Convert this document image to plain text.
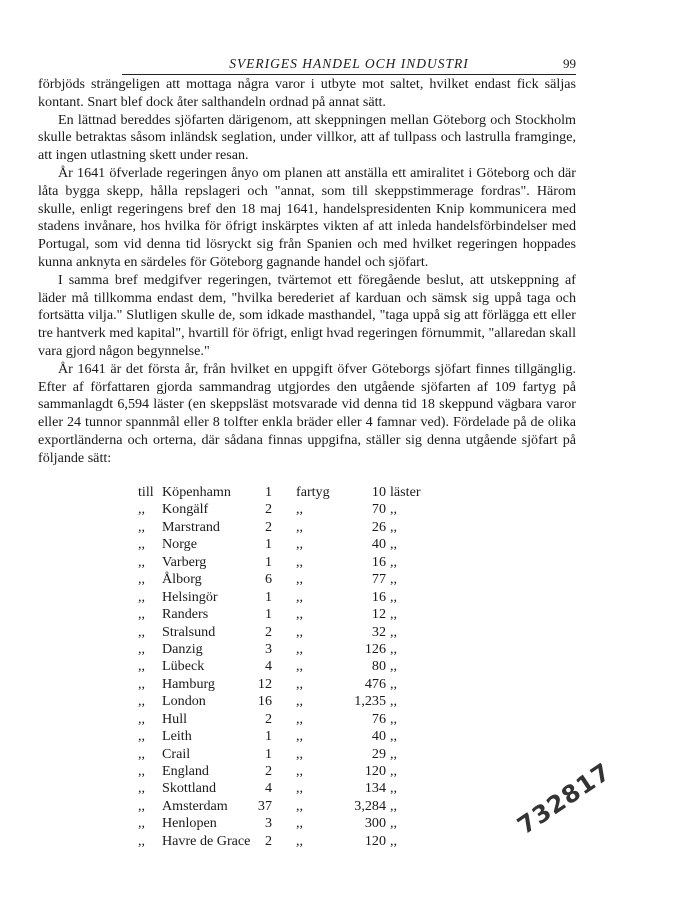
SVERIGES HANDEL OCH INDUSTRI	99

förbjöds strängeligen att mottaga några varor i utbyte mot saltet, hvilket endast fick säljas kontant. Snart blef dock åter salthandeln ordnad på annat sätt.

En lättnad bereddes sjöfarten därigenom, att skeppningen mellan Göteborg och Stockholm skulle betraktas såsom inländsk seglation, under villkor, att af tullpass och lastrulla framginge, att ingen utlastning skett under resan.

År 1641 öfverlade regeringen ånyo om planen att anställa ett amiralitet i Göteborg och där låta bygga skepp, hålla repslageri och "annat, som till skeppstimmerage fordras". Härom skulle, enligt regeringens bref den 18 maj 1641, handelspresidenten Knip kommunicera med stadens invånare, hos hvilka för öfrigt inskärptes vikten af att inleda handelsförbindelser med Portugal, som vid denna tid lösryckt sig från Spanien och med hvilket regeringen hoppades kunna anknyta en särdeles för Göteborg gagnande handel och sjöfart.

I samma bref medgifver regeringen, tvärtemot ett föregående beslut, att utskeppning af läder må tillkomma endast dem, "hvilka berederiet af karduan och sämsk sig uppå taga och fortsätta vilja." Slutligen skulle de, som idkade masthandel, "taga uppå sig att förlägga ett eller tre hantverk med kapital", hvartill för öfrigt, enligt hvad regeringen förnummit, "allaredan skall vara gjord någon begynnelse."

År 1641 är det första år, från hvilket en uppgift öfver Göteborgs sjöfart finnes tillgänglig. Efter af författaren gjorda sammandrag utgjordes den utgående sjöfarten af 109 fartyg på sammanlagdt 6,594 läster (en skeppsläst motsvarade vid denna tid 18 skeppund vägbara varor eller 24 tunnor spannmål eller 8 tolfter enkla bräder eller 4 famnar ved). Fördelade på de olika exportländerna och orterna, där sådana finnas uppgifna, ställer sig denna utgående sjöfart på följande sätt:

till Köpenhamn	1 fartyg	10 läster
,, Kongälf	2 ,,	70 ,,
,, Marstrand	2 ,,	26 ,,
,, Norge	1 ,,	40 ,,
,, Varberg	1 ,,	16 ,,
,, Ålborg	6 ,,	77 ,,
,, Helsingör	1 ,,	16 ,,
,, Randers	1 ,,	12 ,,
,, Stralsund	2 ,,	32 ,,
,, Danzig	3 ,,	126 ,,
,, Lübeck	4 ,,	80 ,,
,, Hamburg	12 ,,	476 ,,
,, London	16 ,,	1,235 ,,
,, Hull	2 ,,	76 ,,
,, Leith	1 ,,	40 ,,
,, Crail	1 ,,	29 ,,
,, England	2 ,,	120 ,,
,, Skottland	4 ,,	134 ,,
,, Amsterdam	37 ,,	3,284 ,,
,, Henlopen	3 ,,	300 ,,
,, Havre de Grace	2 ,,	120 ,,
732817
